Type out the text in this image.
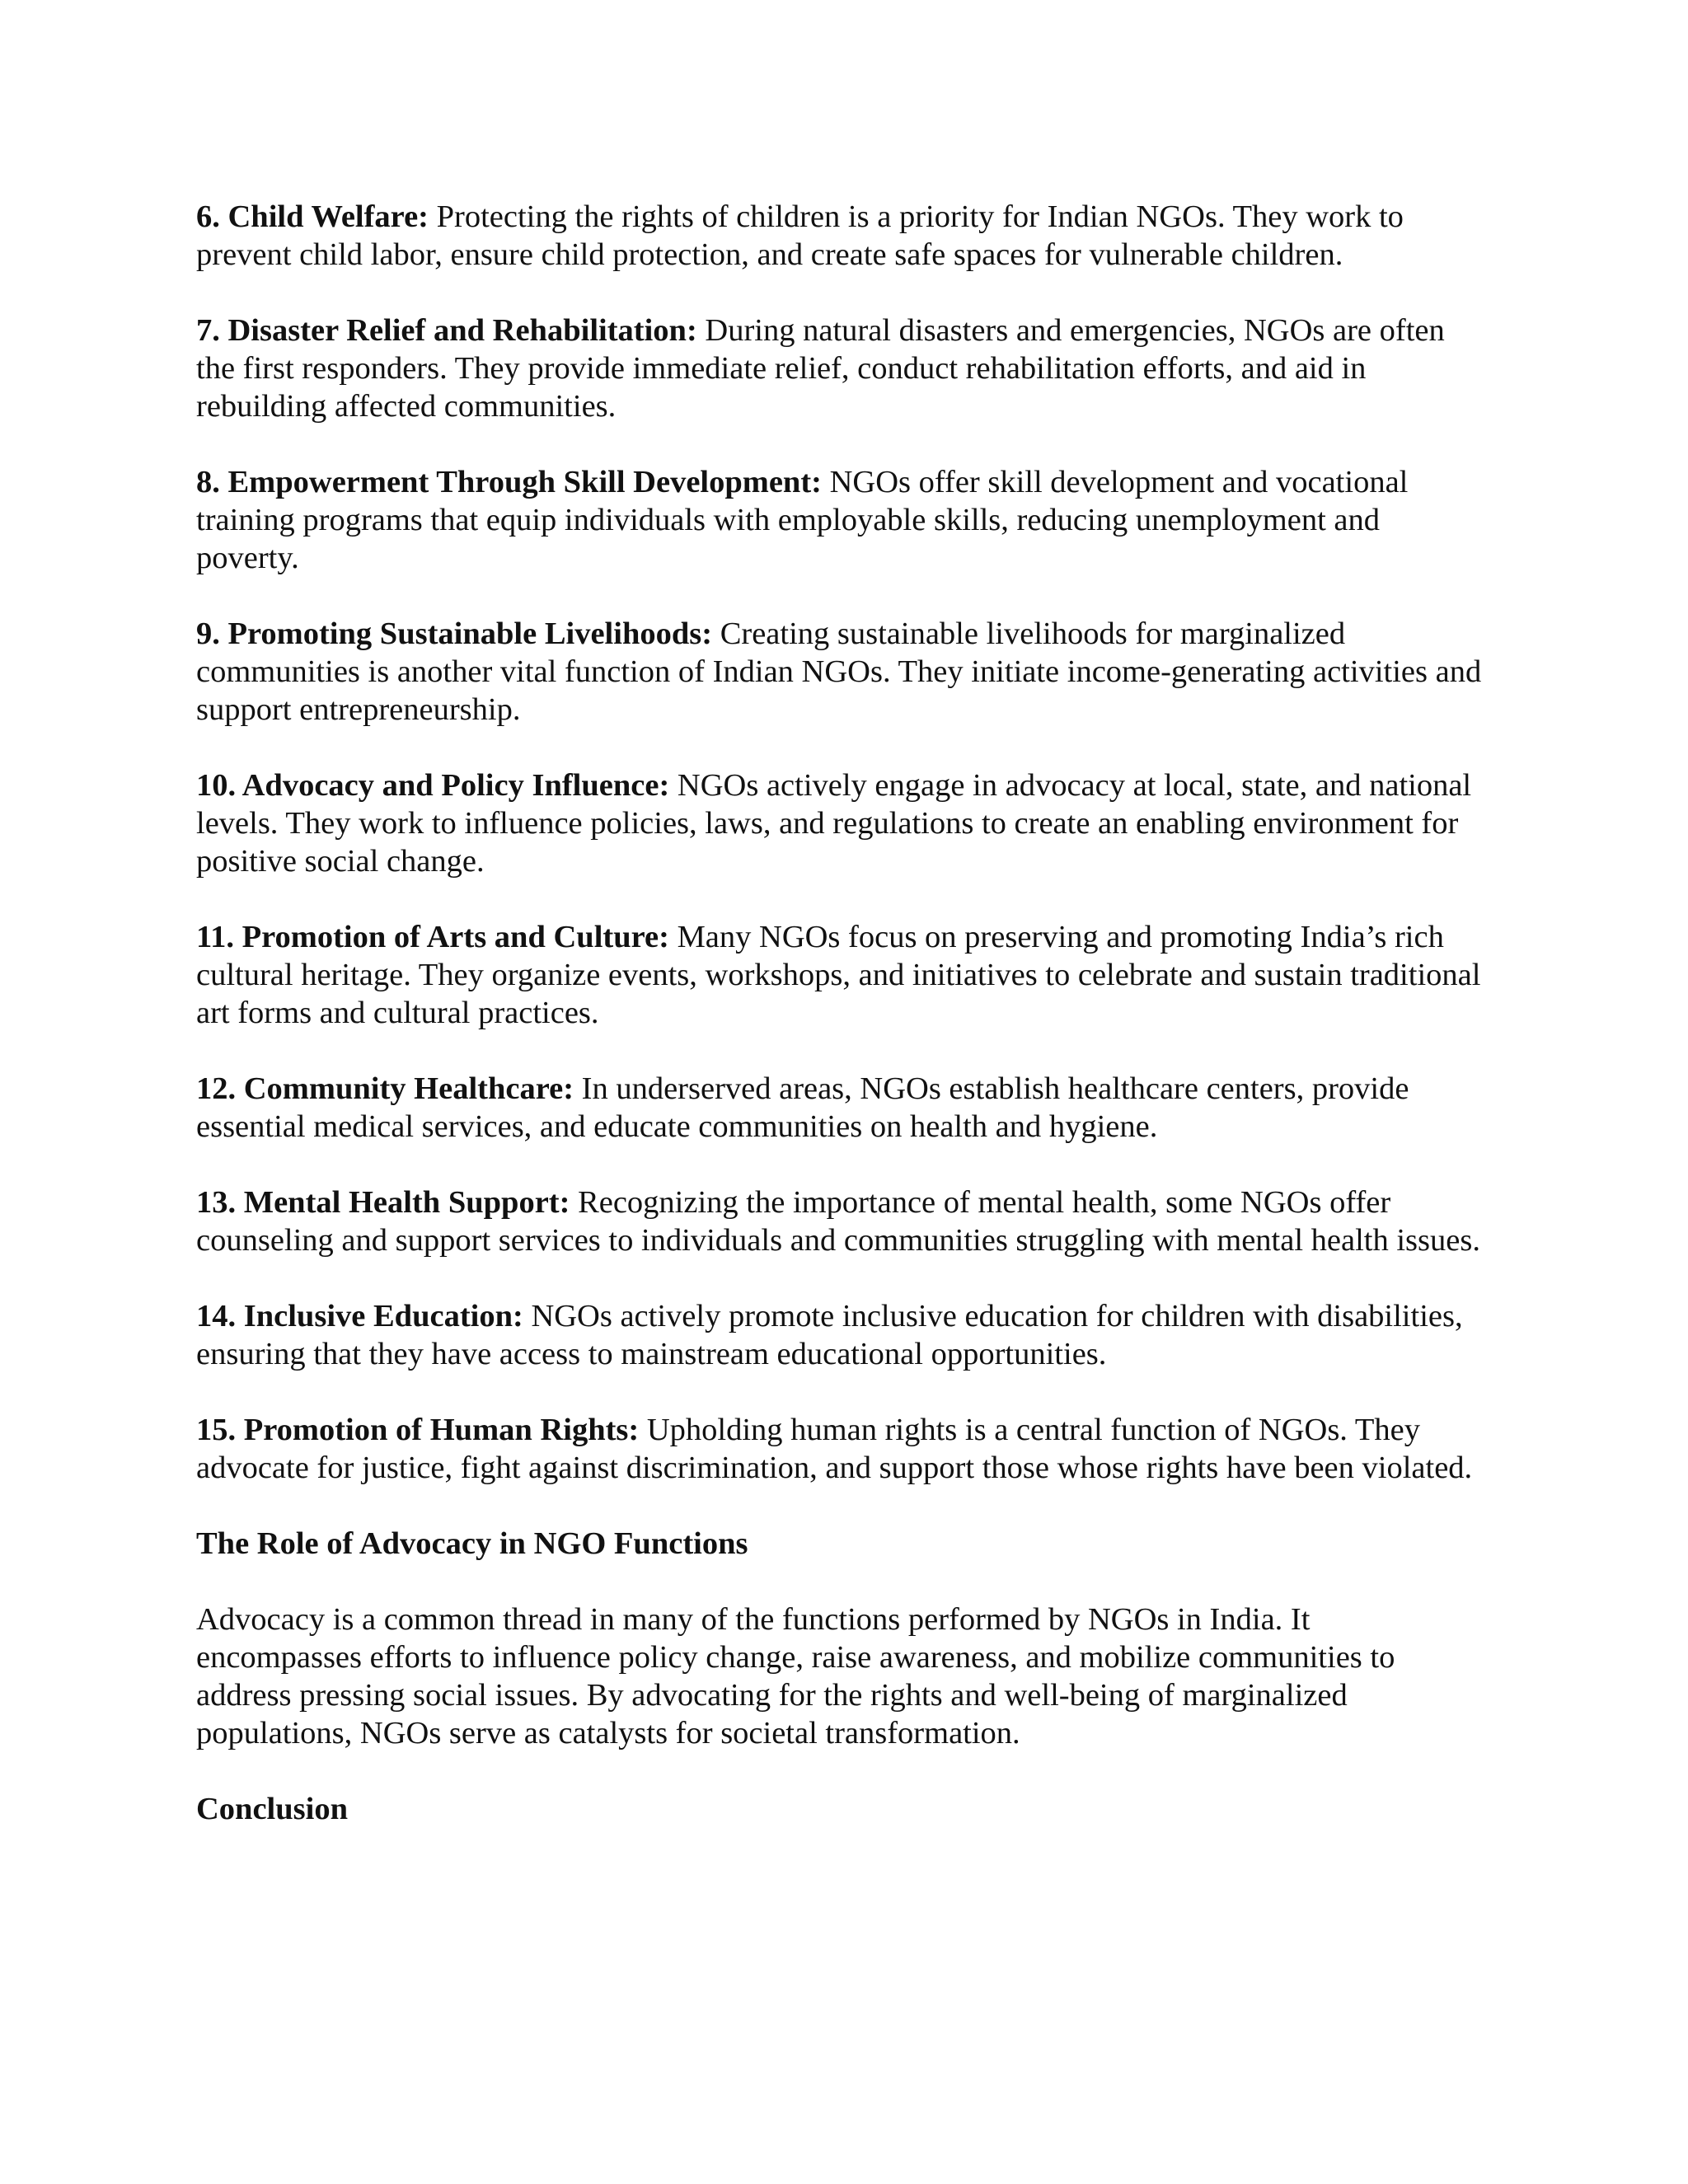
6. Child Welfare: Protecting the rights of children is a priority for Indian NGOs. They work to prevent child labor, ensure child protection, and create safe spaces for vulnerable children.

7. Disaster Relief and Rehabilitation: During natural disasters and emergencies, NGOs are often the first responders. They provide immediate relief, conduct rehabilitation efforts, and aid in rebuilding affected communities.

8. Empowerment Through Skill Development: NGOs offer skill development and vocational training programs that equip individuals with employable skills, reducing unemployment and poverty.

9. Promoting Sustainable Livelihoods: Creating sustainable livelihoods for marginalized communities is another vital function of Indian NGOs. They initiate income-generating activities and support entrepreneurship.

10. Advocacy and Policy Influence: NGOs actively engage in advocacy at local, state, and national levels. They work to influence policies, laws, and regulations to create an enabling environment for positive social change.

11. Promotion of Arts and Culture: Many NGOs focus on preserving and promoting India’s rich cultural heritage. They organize events, workshops, and initiatives to celebrate and sustain traditional art forms and cultural practices.

12. Community Healthcare: In underserved areas, NGOs establish healthcare centers, provide essential medical services, and educate communities on health and hygiene.

13. Mental Health Support: Recognizing the importance of mental health, some NGOs offer counseling and support services to individuals and communities struggling with mental health issues.

14. Inclusive Education: NGOs actively promote inclusive education for children with disabilities, ensuring that they have access to mainstream educational opportunities.

15. Promotion of Human Rights: Upholding human rights is a central function of NGOs. They advocate for justice, fight against discrimination, and support those whose rights have been violated.

The Role of Advocacy in NGO Functions

Advocacy is a common thread in many of the functions performed by NGOs in India. It encompasses efforts to influence policy change, raise awareness, and mobilize communities to address pressing social issues. By advocating for the rights and well-being of marginalized populations, NGOs serve as catalysts for societal transformation.

Conclusion
